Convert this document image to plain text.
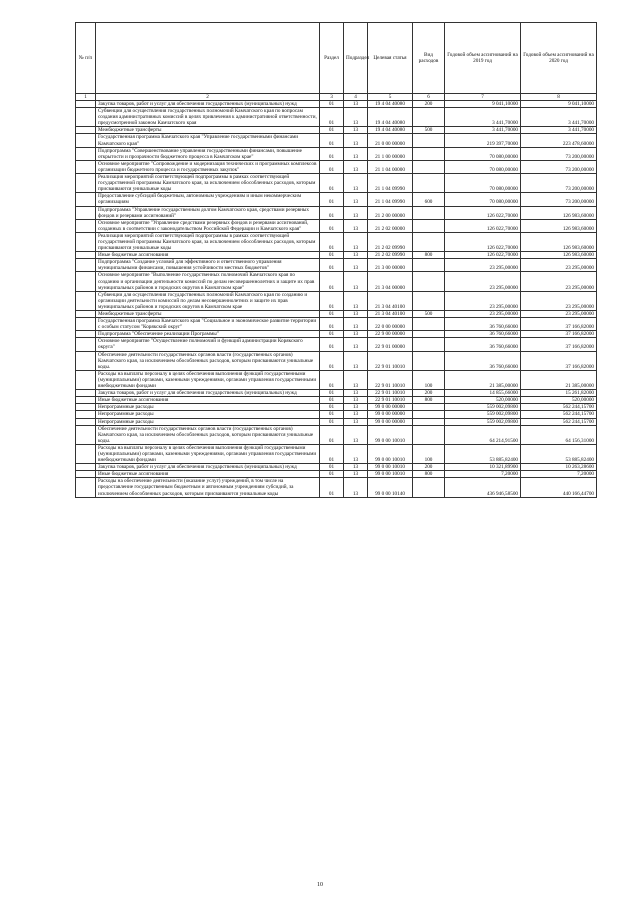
№ п/п		Раздел	Подраздел	Целевая статья	Вид расходов	Годовой объем ассигнований на 2019 год	Годовой объем ассигнований на 2020 год
1	2	3	4	5	6	7	8
	Закупка товаров, работ и услуг для обеспечения государственных (муниципальных) нужд	01	13	19 4 04 40080	200	9 041,10000	9 041,10000
	Субвенции для осуществления государственных полномочий Камчатского края по вопросам создания административных комиссий в целях привлечения к административной ответственности, предусмотренной законом Камчатского края	01	13	19 4 04 40080		3 441,70000	3 441,70000
	Межбюджетные трансферты	01	13	19 4 04 40080	500	3 441,70000	3 441,70000
	Государственная программа Камчатского края "Управление государственными финансами Камчатского края"	01	13	21 0 00 00000		219 397,70000	223 478,60000
	Подпрограмма "Совершенствование управления государственными финансами, повышение открытости и прозрачности бюджетного процесса в Камчатском крае"	01	13	21 1 00 00000		70 080,00000	73 200,00000
	Основное мероприятие "Сопровождение и модернизация технических и программных комплексов организации бюджетного процесса и государственных закупок"	01	13	21 1 04 00000		70 080,00000	73 200,00000
	Реализация мероприятий соответствующей подпрограммы в рамках соответствующей государственной программы Камчатского края, за исключением обособленных расходов, которым присваиваются уникальные коды	01	13	21 1 04 09990		70 080,00000	73 200,00000
	Предоставление субсидий бюджетным, автономным учреждениям и иным некоммерческим организациям	01	13	21 1 04 09990	600	70 080,00000	73 200,00000
	Подпрограмма "Управление государственным долгом Камчатского края, средствами резервных фондов и резервами ассигнований"	01	13	21 2 00 00000		126 022,70000	126 983,60000
	Основное мероприятие "Управление средствами резервных фондов и резервами ассигнований, созданных в соответствии с законодательством Российской Федерации и Камчатского края"	01	13	21 2 02 00000		126 022,70000	126 983,60000
	Реализация мероприятий соответствующей подпрограммы в рамках соответствующей государственной программы Камчатского края, за исключением обособленных расходов, которым присваиваются уникальные коды	01	13	21 2 02 09990		126 022,70000	126 983,60000
	Иные бюджетные ассигнования	01	13	21 2 02 09990	800	126 022,70000	126 983,60000
	Подпрограмма "Создание условий для эффективного и ответственного управления муниципальными финансами, повышения устойчивости местных бюджетов"	01	13	21 3 00 00000		23 295,00000	23 295,00000
	Основное мероприятие "Выполнение государственных полномочий Камчатского края по созданию и организации деятельности комиссий по делам несовершеннолетних и защите их прав муниципальных районов и городских округов в Камчатском крае"	01	13	21 3 04 00000		23 295,00000	23 295,00000
	Субвенции для осуществления государственных полномочий Камчатского края по созданию и организации деятельности комиссий по делам несовершеннолетних и защите их прав муниципальных районов и городских округов в Камчатском крае	01	13	21 3 04 40100		23 295,00000	23 295,00000
	Межбюджетные трансферты	01	13	21 3 04 40100	500	23 295,00000	23 295,00000
	Государственная программа Камчатского края "Социальное и экономическое развитие территории с особым статусом "Корякский округ"	01	13	22 0 00 00000		36 760,66000	37 166,82000
	Подпрограмма "Обеспечение реализации Программы"	01	13	22 9 00 00000		36 760,66000	37 166,82000
	Основное мероприятие "Осуществление полномочий и функций администрации Корякского округа"	01	13	22 9 01 00000		36 760,66000	37 166,82000
	Обеспечение деятельности государственных органов власти (государственных органов) Камчатского края, за исключением обособленных расходов, которым присваиваются уникальные коды.	01	13	22 9 01 10010		36 760,66000	37 166,82000
	Расходы на выплаты персоналу в целях обеспечения выполнения функций государственными (муниципальными) органами, казенными учреждениями, органами управления государственными внебюджетными фондами	01	13	22 9 01 10010	100	21 385,00000	21 385,00000
	Закупка товаров, работ и услуг для обеспечения государственных (муниципальных) нужд	01	13	22 9 01 10010	200	14 855,66000	15 261,82000
	Иные бюджетные ассигнования	01	13	22 9 01 10010	800	520,00000	520,00000
	Непрограммные расходы	01	13	99 0 00 00000		559 002,09800	562 244,15700
	Непрограммные расходы	01	13	99 0 00 00000		559 002,09800	562 244,15700
	Непрограммные расходы	01	13	99 0 00 00000		559 002,09800	562 244,15700
	Обеспечение деятельности государственных органов власти (государственных органов) Камчатского края, за исключением обособленных расходов, которым присваиваются уникальные коды.	01	13	99 0 00 10010		64 214,91500	64 156,31000
	Расходы на выплаты персоналу в целях обеспечения выполнения функций государственными (муниципальными) органами, казенными учреждениями, органами управления государственными внебюджетными фондами	01	13	99 0 00 10010	100	53 885,82400	53 885,82400
	Закупка товаров, работ и услуг для обеспечения государственных (муниципальных) нужд	01	13	99 0 00 10010	200	10 321,89900	10 263,28600
	Иные бюджетные ассигнования	01	13	99 0 00 10010	800	7,20000	7,20000
	Расходы на обеспечение деятельности (оказание услуг) учреждений, в том числе на предоставление государственным бюджетным и автономным учреждениям субсидий, за исключением обособленных расходов, которым присваиваются уникальные коды	01	13	99 0 00 10140		436 946,58500	440 166,44700
10
